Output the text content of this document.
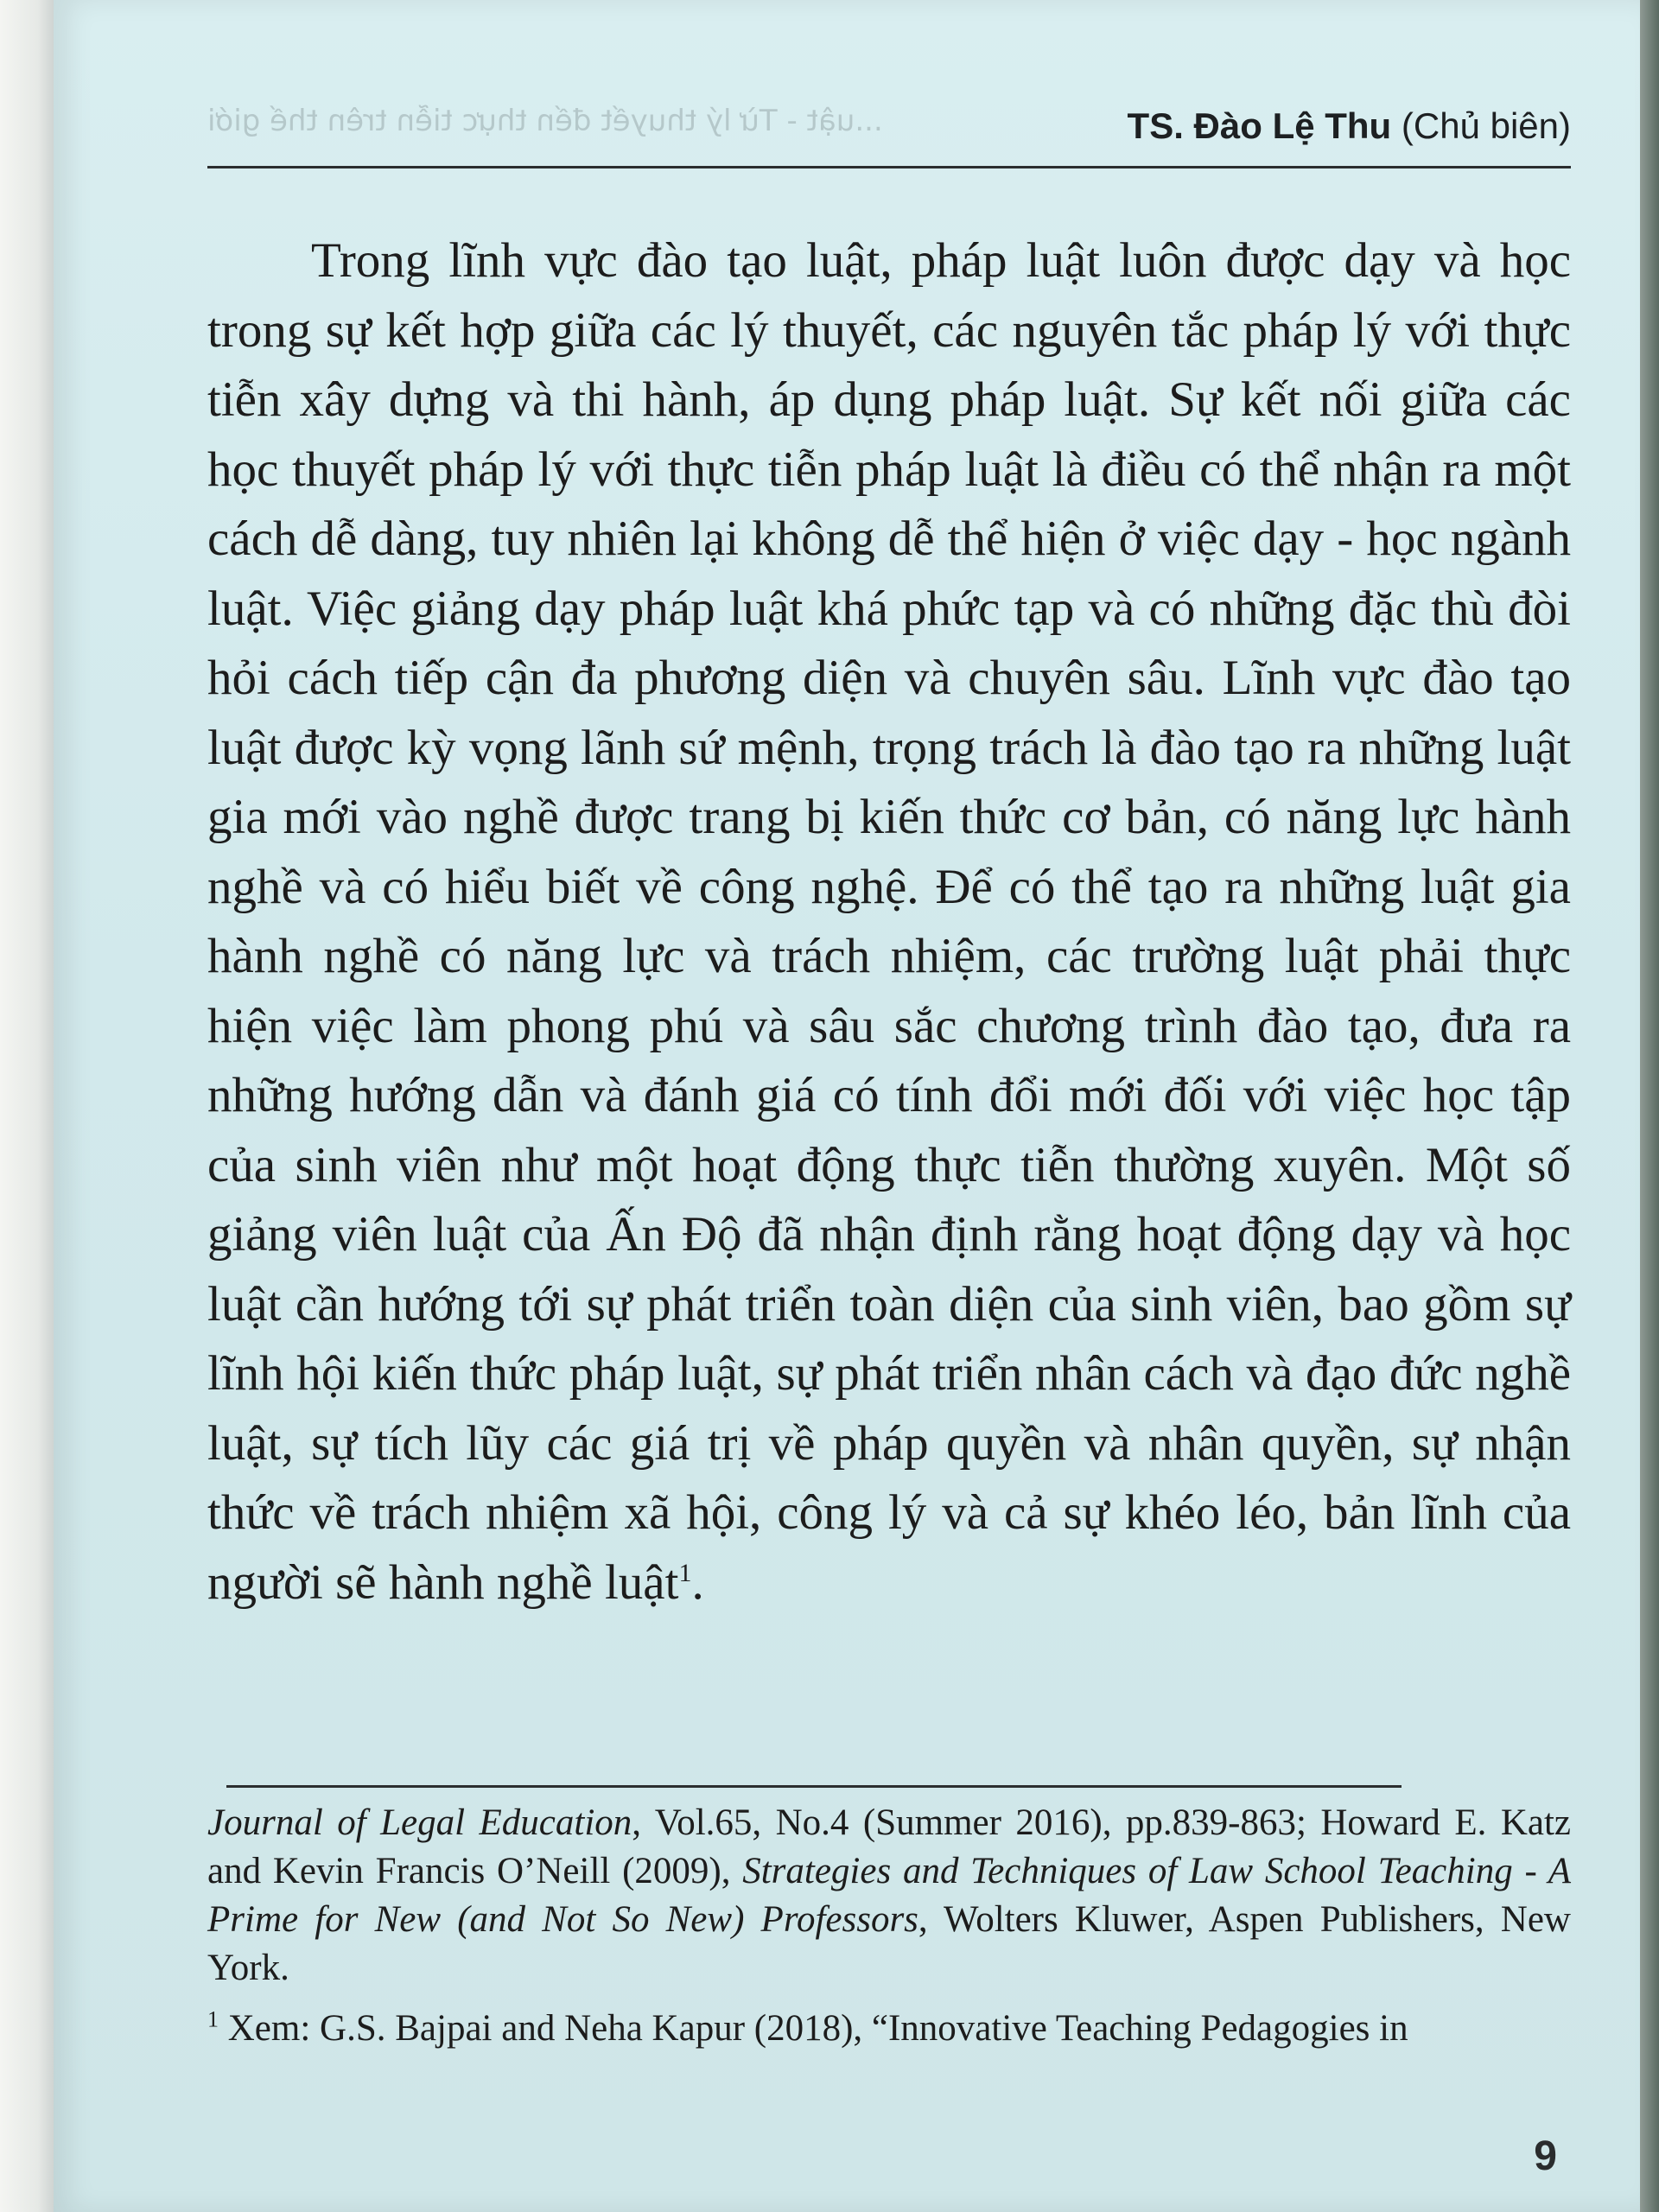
...uật - Từ lý thuyết đến thực tiễn trên thế giới	TS. Đào Lệ Thu (Chủ biên)
Trong lĩnh vực đào tạo luật, pháp luật luôn được dạy và học trong sự kết hợp giữa các lý thuyết, các nguyên tắc pháp lý với thực tiễn xây dựng và thi hành, áp dụng pháp luật. Sự kết nối giữa các học thuyết pháp lý với thực tiễn pháp luật là điều có thể nhận ra một cách dễ dàng, tuy nhiên lại không dễ thể hiện ở việc dạy - học ngành luật. Việc giảng dạy pháp luật khá phức tạp và có những đặc thù đòi hỏi cách tiếp cận đa phương diện và chuyên sâu. Lĩnh vực đào tạo luật được kỳ vọng lãnh sứ mệnh, trọng trách là đào tạo ra những luật gia mới vào nghề được trang bị kiến thức cơ bản, có năng lực hành nghề và có hiểu biết về công nghệ. Để có thể tạo ra những luật gia hành nghề có năng lực và trách nhiệm, các trường luật phải thực hiện việc làm phong phú và sâu sắc chương trình đào tạo, đưa ra những hướng dẫn và đánh giá có tính đổi mới đối với việc học tập của sinh viên như một hoạt động thực tiễn thường xuyên. Một số giảng viên luật của Ấn Độ đã nhận định rằng hoạt động dạy và học luật cần hướng tới sự phát triển toàn diện của sinh viên, bao gồm sự lĩnh hội kiến thức pháp luật, sự phát triển nhân cách và đạo đức nghề luật, sự tích lũy các giá trị về pháp quyền và nhân quyền, sự nhận thức về trách nhiệm xã hội, công lý và cả sự khéo léo, bản lĩnh của người sẽ hành nghề luật$^1$.

Journal of Legal Education, Vol.65, No.4 (Summer 2016), pp.839-863; Howard E. Katz and Kevin Francis O’Neill (2009), Strategies and Techniques of Law School Teaching - A Prime for New (and Not So New) Professors, Wolters Kluwer, Aspen Publishers, New York.

$^1$ Xem: G.S. Bajpai and Neha Kapur (2018), “Innovative Teaching Pedagogies in

9
